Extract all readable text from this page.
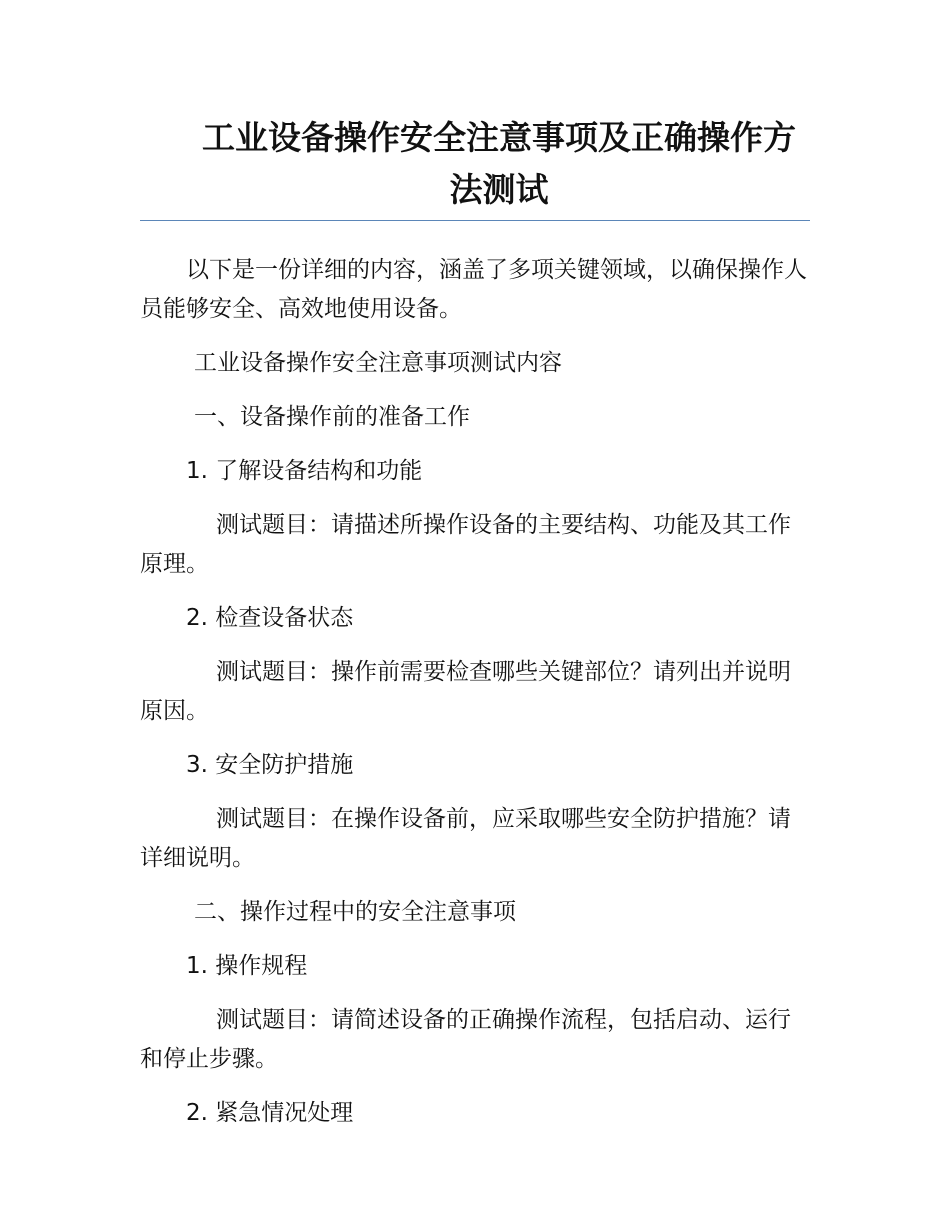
工业设备操作安全注意事项及正确操作方法测试

以下是一份详细的内容，涵盖了多项关键领域，以确保操作人员能够安全、高效地使用设备。

工业设备操作安全注意事项测试内容

一、设备操作前的准备工作

1. 了解设备结构和功能

测试题目：请描述所操作设备的主要结构、功能及其工作原理。

2. 检查设备状态

测试题目：操作前需要检查哪些关键部位？请列出并说明原因。

3. 安全防护措施

测试题目：在操作设备前，应采取哪些安全防护措施？请详细说明。

二、操作过程中的安全注意事项

1. 操作规程

测试题目：请简述设备的正确操作流程，包括启动、运行和停止步骤。

2. 紧急情况处理
